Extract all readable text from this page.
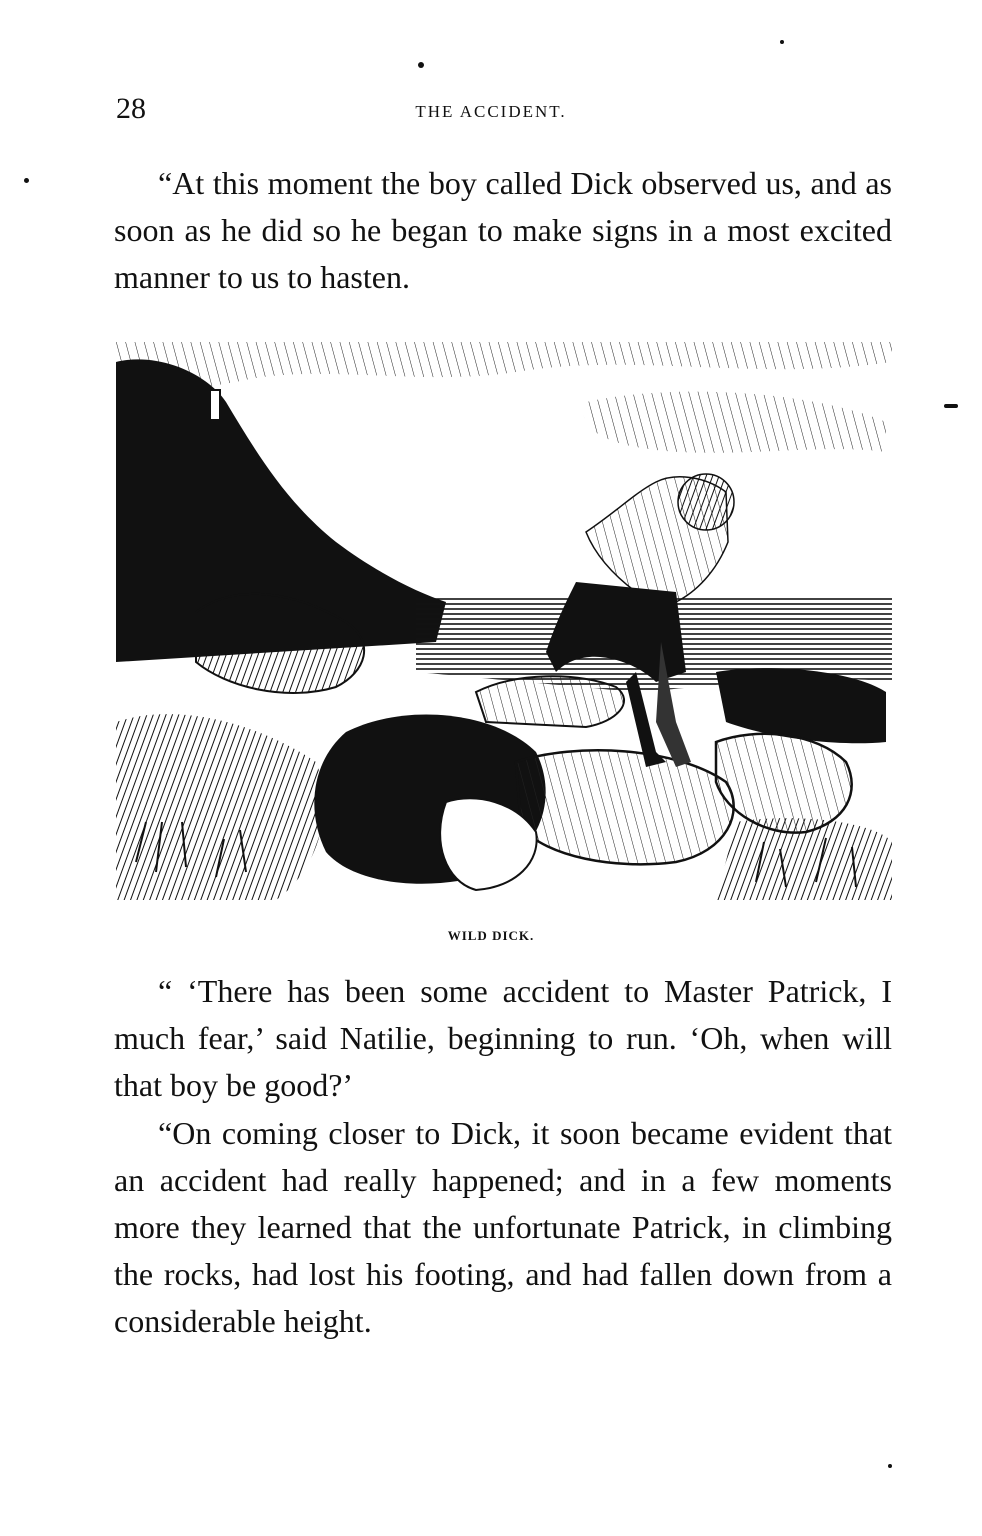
28	THE ACCIDENT.

“At this moment the boy called Dick observed us, and as soon as he did so he began to make signs in a most excited manner to us to hasten.

WILD DICK.

“ ‘There has been some accident to Master Patrick, I much fear,’ said Natilie, beginning to run. ‘Oh, when will that boy be good?’

“On coming closer to Dick, it soon became evident that an accident had really happened; and in a few moments more they learned that the unfortunate Patrick, in climbing the rocks, had lost his footing, and had fallen down from a considerable height.
